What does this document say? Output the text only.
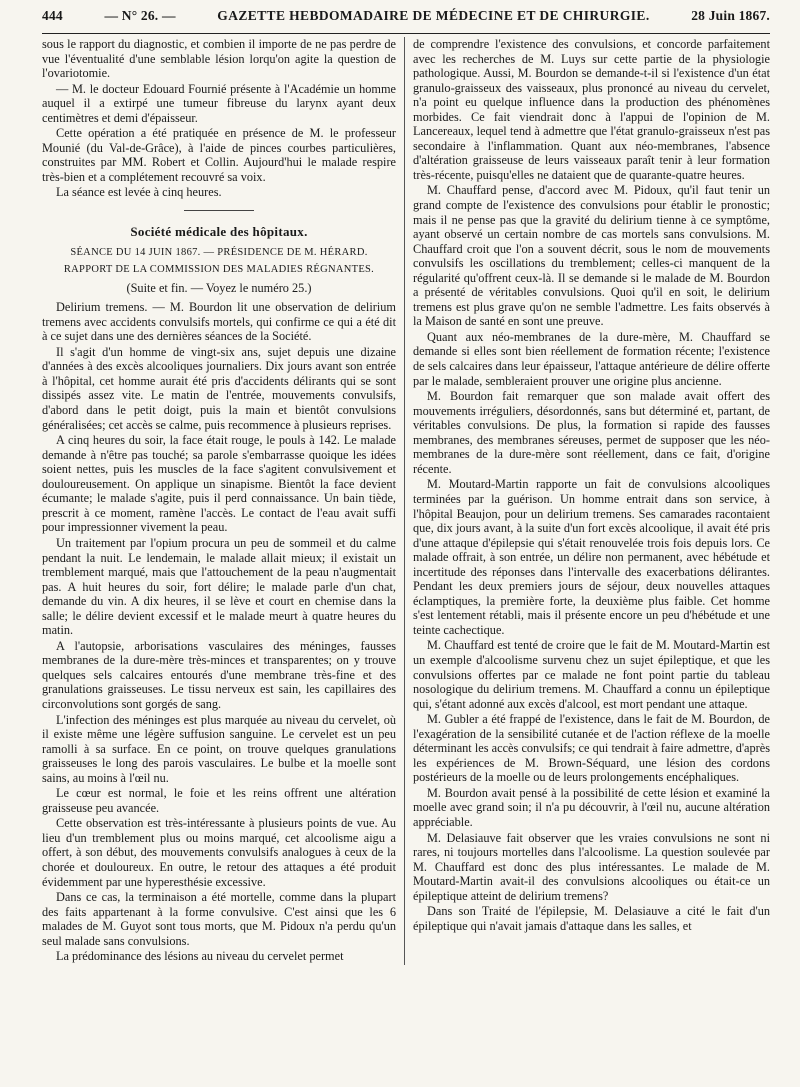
444	— N° 26. —	GAZETTE HEBDOMADAIRE DE MÉDECINE ET DE CHIRURGIE.	28 Juin 1867.

sous le rapport du diagnostic, et combien il importe de ne pas perdre de vue l'éventualité d'une semblable lésion lorqu'on agite la question de l'ovariotomie.

— M. le docteur Edouard Fournié présente à l'Académie un homme auquel il a extirpé une tumeur fibreuse du larynx ayant deux centimètres et demi d'épaisseur.

Cette opération a été pratiquée en présence de M. le professeur Mounié (du Val-de-Grâce), à l'aide de pinces courbes particulières, construites par MM. Robert et Collin. Aujourd'hui le malade respire très-bien et a complétement recouvré sa voix.

La séance est levée à cinq heures.

Société médicale des hôpitaux.

SÉANCE DU 14 JUIN 1867. — PRÉSIDENCE DE M. HÉRARD.

RAPPORT DE LA COMMISSION DES MALADIES RÉGNANTES.

(Suite et fin. — Voyez le numéro 25.)

Delirium tremens. — M. Bourdon lit une observation de delirium tremens avec accidents convulsifs mortels, qui confirme ce qui a été dit à ce sujet dans une des dernières séances de la Société.

Il s'agit d'un homme de vingt-six ans, sujet depuis une dizaine d'années à des excès alcooliques journaliers. Dix jours avant son entrée à l'hôpital, cet homme aurait été pris d'accidents délirants qui se sont dissipés assez vite. Le matin de l'entrée, mouvements convulsifs, d'abord dans le petit doigt, puis la main et bientôt convulsions généralisées; cet accès se calme, puis recommence à plusieurs reprises.

A cinq heures du soir, la face était rouge, le pouls à 142. Le malade demande à n'être pas touché; sa parole s'embarrasse quoique les idées soient nettes, puis les muscles de la face s'agitent convulsivement et douloureusement. On applique un sinapisme. Bientôt la face devient écumante; le malade s'agite, puis il perd connaissance. Un bain tiède, prescrit à ce moment, ramène l'accès. Le contact de l'eau avait suffi pour impressionner vivement la peau.

Un traitement par l'opium procura un peu de sommeil et du calme pendant la nuit. Le lendemain, le malade allait mieux; il existait un tremblement marqué, mais que l'attouchement de la peau n'augmentait pas. A huit heures du soir, fort délire; le malade parle d'un chat, demande du vin. A dix heures, il se lève et court en chemise dans la salle; le délire devient excessif et le malade meurt à quatre heures du matin.

A l'autopsie, arborisations vasculaires des méninges, fausses membranes de la dure-mère très-minces et transparentes; on y trouve quelques sels calcaires entourés d'une membrane très-fine et des granulations graisseuses. Le tissu nerveux est sain, les capillaires des circonvolutions sont gorgés de sang.

L'infection des méninges est plus marquée au niveau du cervelet, où il existe même une légère suffusion sanguine. Le cervelet est un peu ramolli à sa surface. En ce point, on trouve quelques granulations graisseuses le long des parois vasculaires. Le bulbe et la moelle sont sains, au moins à l'œil nu.

Le cœur est normal, le foie et les reins offrent une altération graisseuse peu avancée.

Cette observation est très-intéressante à plusieurs points de vue. Au lieu d'un tremblement plus ou moins marqué, cet alcoolisme aigu a offert, à son début, des mouvements convulsifs analogues à ceux de la chorée et douloureux. En outre, le retour des attaques a été produit évidemment par une hyperesthésie excessive.

Dans ce cas, la terminaison a été mortelle, comme dans la plupart des faits appartenant à la forme convulsive. C'est ainsi que les 6 malades de M. Guyot sont tous morts, que M. Pidoux n'a perdu qu'un seul malade sans convulsions.

La prédominance des lésions au niveau du cervelet permet

de comprendre l'existence des convulsions, et concorde parfaitement avec les recherches de M. Luys sur cette partie de la physiologie pathologique. Aussi, M. Bourdon se demande-t-il si l'existence d'un état granulo-graisseux des vaisseaux, plus prononcé au niveau du cervelet, n'a point eu quelque influence dans la production des phénomènes morbides. Ce fait viendrait donc à l'appui de l'opinion de M. Lancereaux, lequel tend à admettre que l'état granulo-graisseux n'est pas secondaire à l'inflammation. Quant aux néo-membranes, l'absence d'altération graisseuse de leurs vaisseaux paraît tenir à leur formation très-récente, puisqu'elles ne dataient que de quarante-quatre heures.

M. Chauffard pense, d'accord avec M. Pidoux, qu'il faut tenir un grand compte de l'existence des convulsions pour établir le pronostic; mais il ne pense pas que la gravité du delirium tienne à ce symptôme, ayant observé un certain nombre de cas mortels sans convulsions. M. Chauffard croit que l'on a souvent décrit, sous le nom de mouvements convulsifs les oscillations du tremblement; celles-ci manquent de la régularité qu'offrent ceux-là. Il se demande si le malade de M. Bourdon a présenté de véritables convulsions. Quoi qu'il en soit, le delirium tremens est plus grave qu'on ne semble l'admettre. Les faits observés à la Maison de santé en sont une preuve.

Quant aux néo-membranes de la dure-mère, M. Chauffard se demande si elles sont bien réellement de formation récente; l'existence de sels calcaires dans leur épaisseur, l'attaque antérieure de délire offerte par le malade, sembleraient prouver une origine plus ancienne.

M. Bourdon fait remarquer que son malade avait offert des mouvements irréguliers, désordonnés, sans but déterminé et, partant, de véritables convulsions. De plus, la formation si rapide des fausses membranes, des membranes séreuses, permet de supposer que les néo-membranes de la dure-mère sont réellement, dans ce fait, d'origine récente.

M. Moutard-Martin rapporte un fait de convulsions alcooliques terminées par la guérison. Un homme entrait dans son service, à l'hôpital Beaujon, pour un delirium tremens. Ses camarades racontaient que, dix jours avant, à la suite d'un fort excès alcoolique, il avait été pris d'une attaque d'épilepsie qui s'était renouvelée trois fois depuis lors. Ce malade offrait, à son entrée, un délire non permanent, avec hébétude et incertitude des réponses dans l'intervalle des exacerbations délirantes. Pendant les deux premiers jours de séjour, deux nouvelles attaques éclamptiques, la première forte, la deuxième plus faible. Cet homme s'est lentement rétabli, mais il présente encore un peu d'hébétude et une teinte cachectique.

M. Chauffard est tenté de croire que le fait de M. Moutard-Martin est un exemple d'alcoolisme survenu chez un sujet épileptique, et que les convulsions offertes par ce malade ne font point partie du tableau nosologique du delirium tremens. M. Chauffard a connu un épileptique qui, s'étant adonné aux excès d'alcool, est mort pendant une attaque.

M. Gubler a été frappé de l'existence, dans le fait de M. Bourdon, de l'exagération de la sensibilité cutanée et de l'action réflexe de la moelle déterminant les accès convulsifs; ce qui tendrait à faire admettre, d'après les expériences de M. Brown-Séquard, une lésion des cordons postérieurs de la moelle ou de leurs prolongements encéphaliques.

M. Bourdon avait pensé à la possibilité de cette lésion et examiné la moelle avec grand soin; il n'a pu découvrir, à l'œil nu, aucune altération appréciable.

M. Delasiauve fait observer que les vraies convulsions ne sont ni rares, ni toujours mortelles dans l'alcoolisme. La question soulevée par M. Chauffard est donc des plus intéressantes. Le malade de M. Moutard-Martin avait-il des convulsions alcooliques ou était-ce un épileptique atteint de delirium tremens?

Dans son Traité de l'épilepsie, M. Delasiauve a cité le fait d'un épileptique qui n'avait jamais d'attaque dans les salles, et
